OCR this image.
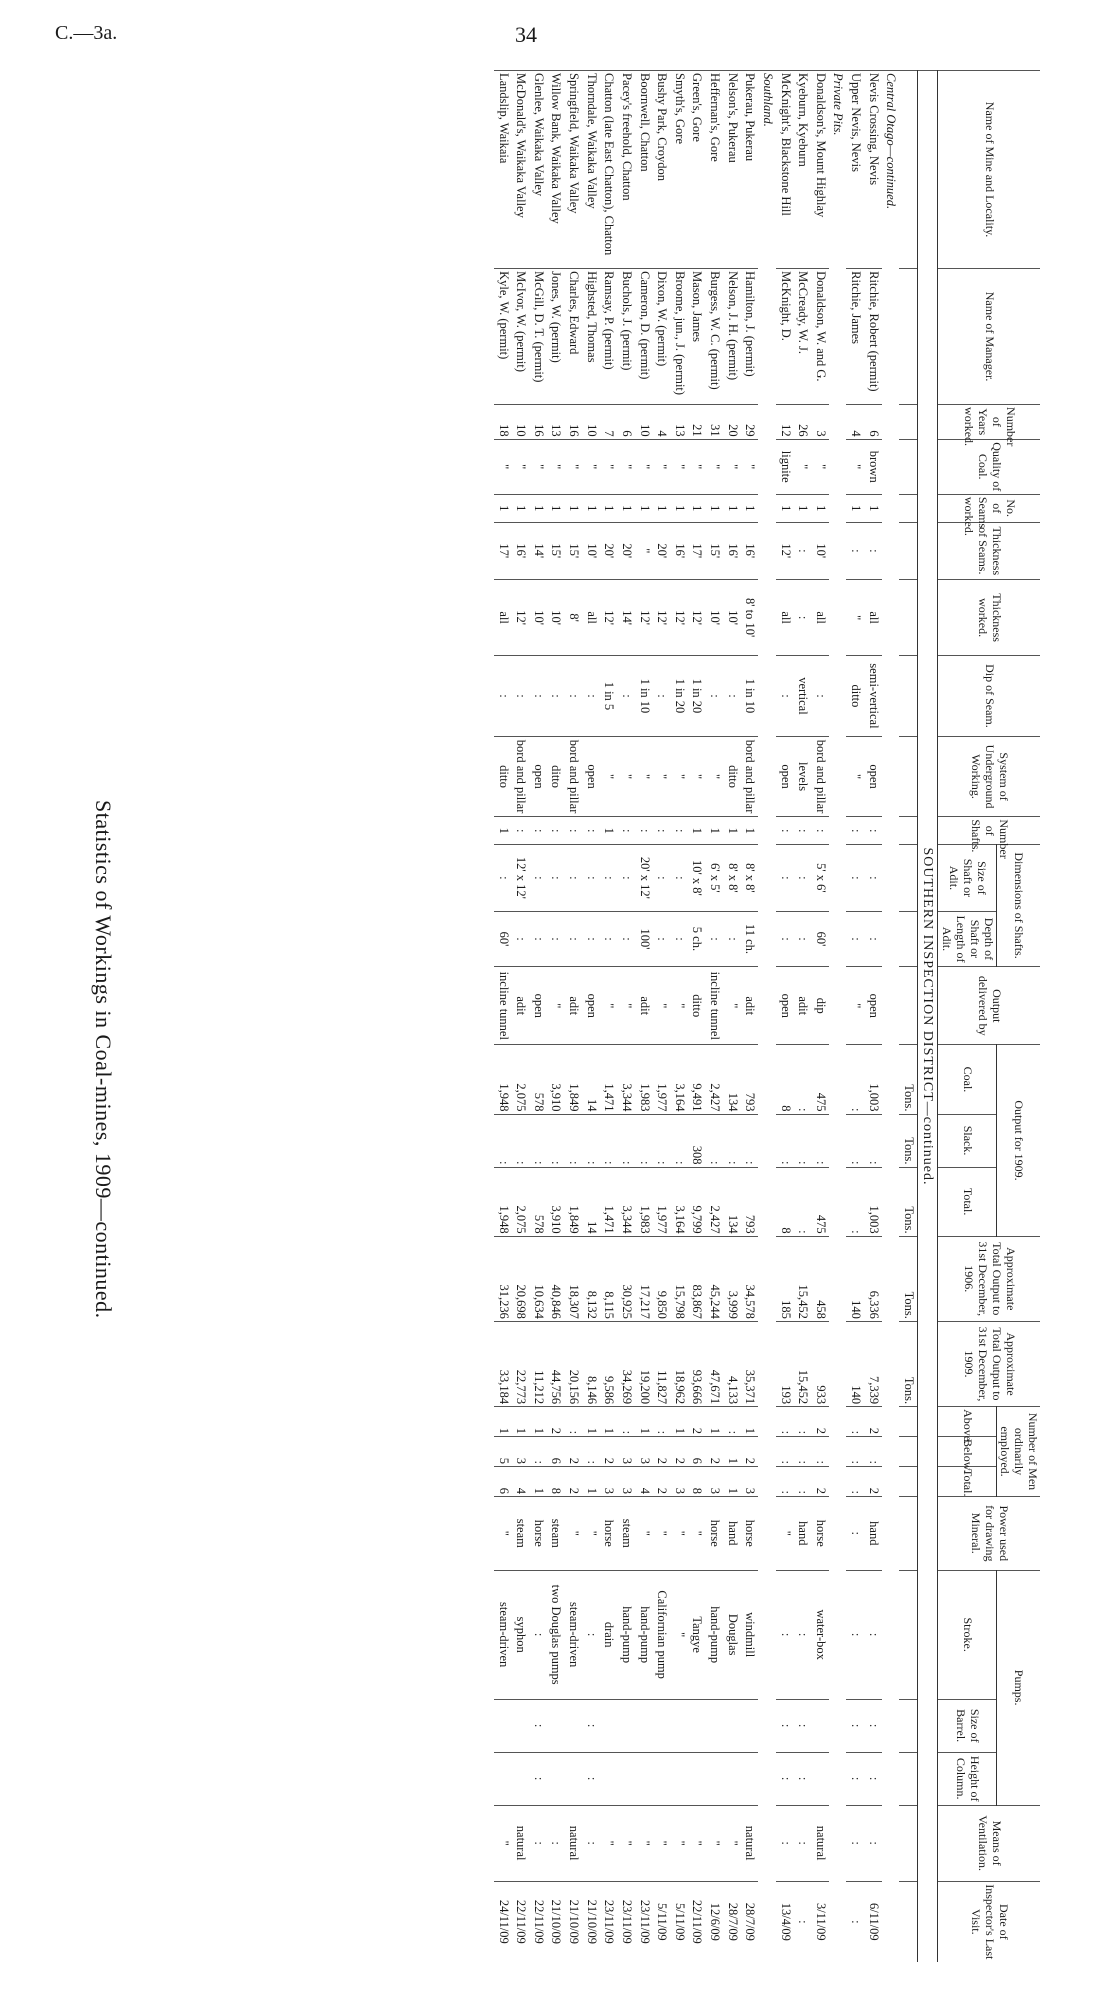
C.—3a.	34
Statistics of Workings in Coal-mines, 1909—continued.
Name of Mine and Locality.	Name of Manager.	Number of Years worked.	Quality of Coal.	No. of Seams worked.	Thickness of Seams.	Thickness worked.	Dip of Seam.	System of Underground Working.	Number of Shafts.	Dimensions of Shafts.		Output delivered by	Output for 1909.			Approximate Total Output to 31st December, 1906.	Approximate Total Output to 31st December, 1909.	Number of Men ordinarily employed.			Power used for drawing Mineral.	Pumps.			Means of Ventilation.	Date of Inspector's Last Visit.
										Size of Shaft or Adit.	Depth of Shaft or Length of Adit.		Coal.	Slack.	Total.			Above.	Below.	Total.		Stroke.	Size of Barrel.	Height of Column.		
SOUTHERN INSPECTION DISTRICT—continued.																										
													Tons.	Tons.	Tons.	Tons.	Tons.									
Central Otago—continued.																										
Nevis Crossing, Nevis	Ritchie, Robert (permit)	6	brown	1	:	all	semi-vertical	open	:	:	:	open	1,003	:	1,003	6,336	7,339	2	:	2	hand	:	:	:	:	6/11/09
Upper Nevis, Nevis	Ritchie, James	4	"	1	:	"	ditto	"	:	:	:	"	:	:	:	140	140	:	:	:	:	:	:	:	:	:
Private Pits.																										
Donaldson's, Mount Highlay	Donaldson, W. and G.	3	"	1	10'	all	:	bord and pillar	:	5' x 6'	60'	dip	475	:	475	458	933	2	:	2	horse	water-box			natural	3/11/09
Kyeburn, Kyeburn	McCready, W. J.	26	"	1	:	:	vertical	levels	:	:	:	adit	:	:	:	15,452	15,452	:	:	:	hand	:	:	:	:	:
McKnight's, Blackstone Hill	McKnight, D.	12	lignite	1	12'	all	:	open	:	:	:	open	8	:	8	185	193	:	:	:	"	:	:	:	:	13/4/09
Southland.																										
Pukerau, Pukerau	Hamilton, J. (permit)	29	"	1	16'	8' to 10'	1 in 10	bord and pillar	1	8' x 8'	11 ch.	adit	793	:	793	34,578	35,371	1	2	3	horse	windmill			natural	28/7/09
Nelson's, Pukerau	Nelson, J. H. (permit)	20	"	1	16'	10'	:	ditto	1	8' x 8'	:	"	134	:	134	3,999	4,133	:	1	1	hand	Douglas			"	28/7/09
Heffernan's, Gore	Burgess, W. C. (permit)	31	"	1	15'	10'	:	"	1	6' x 5'	:	incline tunnel	2,427	:	2,427	45,244	47,671	1	2	3	horse	hand-pump			"	12/6/09
Green's, Gore	Mason, James	21	"	1	17'	12'	1 in 20	"	1	10' x 8'	5 ch.	ditto	9,491	308	9,799	83,867	93,666	2	6	8	"	Tangye			"	22/11/09
Smyth's, Gore	Broome, jun., J. (permit)	13	"	1	16'	12'	1 in 20	"	:	:	:	"	3,164	:	3,164	15,798	18,962	1	2	3	"	"			"	5/11/09
Bushy Park, Croydon	Dixon, W. (permit)	4	"	1	20'	12'	:	"	:	:	:	"	1,977	:	1,977	9,850	11,827	:	2	2	"	Californian pump			"	5/11/09
Boornwell, Chatton	Cameron, D. (permit)	10	"	1	"	12'	1 in 10	"	:	20' x 12'	100'	adit	1,983	:	1,983	17,217	19,200	1	3	4	"	hand-pump			"	23/11/09
Pacey's freehold, Chatton	Buchols, J. (permit)	6	"	1	20'	14'	:	"	:	:	:	"	3,344	:	3,344	30,925	34,269	:	3	3	steam	hand-pump			"	23/11/09
Chatton (late East Chatton), Chatton	Ramsay, P. (permit)	7	"	1	20'	12'	1 in 5	"	1	:	:	"	1,471	:	1,471	8,115	9,586	1	2	3	horse	drain			"	23/11/09
Thorndale, Waikaka Valley	Highsted, Thomas	10	"	1	10'	all	:	open	:	:	:	open	14	:	14	8,132	8,146	1	:	1	"	:	:	:	:	21/10/09
Springfield, Waikaka Valley	Charles, Edward	16	"	1	15'	8'	:	bord and pillar	:	:	:	adit	1,849	:	1,849	18,307	20,156	:	2	2	"	steam-driven			natural	21/10/09
Willow Bank, Waikaka Valley	Jones, W. (permit)	13	"	1	15'	10'	:	ditto	:	:	:	"	3,910	:	3,910	40,846	44,756	2	6	8	steam	two Douglas pumps			:	21/10/09
Glenlee, Waikaka Valley	McGill, D. T. (permit)	16	"	1	14'	10'	:	open	:	:	:	open	578	:	578	10,634	11,212	1	:	1	horse	:	:	:	:	22/11/09
McDonald's, Waikaka Valley	McIvor, W. (permit)	10	"	1	16'	12'	:	bord and pillar	:	12' x 12'	:	adit	2,075	:	2,075	20,698	22,773	1	3	4	steam	syphon			natural	22/11/09
Landslip, Waikaia	Kyle, W. (permit)	18	"	1	17'	all	:	ditto	1	:	60'	incline tunnel	1,948	:	1,948	31,236	33,184	1	5	6	"	steam-driven			"	24/11/09
